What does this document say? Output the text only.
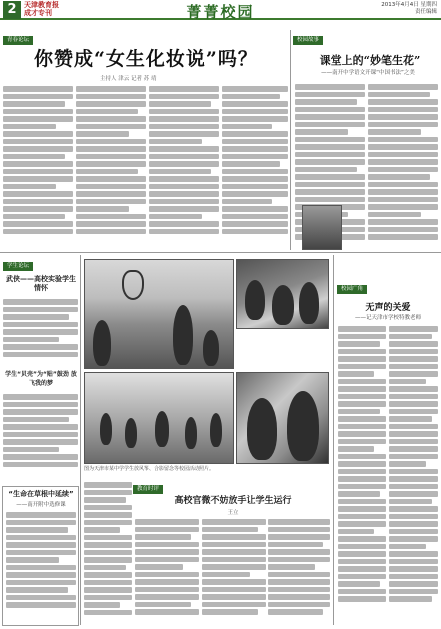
2	天津教育报
成才专刊	菁菁校园	2013年4月4日 星期四
责任编辑
青春论坛	校园故事
学生论坛
校园广角
教育时评
你赞成“女生化妆说”吗？
主持人 津云 记者 苏 靖
课堂上的“妙笔生花”
——南开中学语文开课“中国书法”之美
武侠——高校实验学生情怀
学生“贝壳”为“贴”鼓劲 放飞我的梦
“生命在草根中延续”
——南开附中选修课
图为天津市某中学学生放风筝、合影留念等校园活动照片。
无声的关爱
——记天津市学校特教老师
高校官微不妨放手让学生运行
王立
